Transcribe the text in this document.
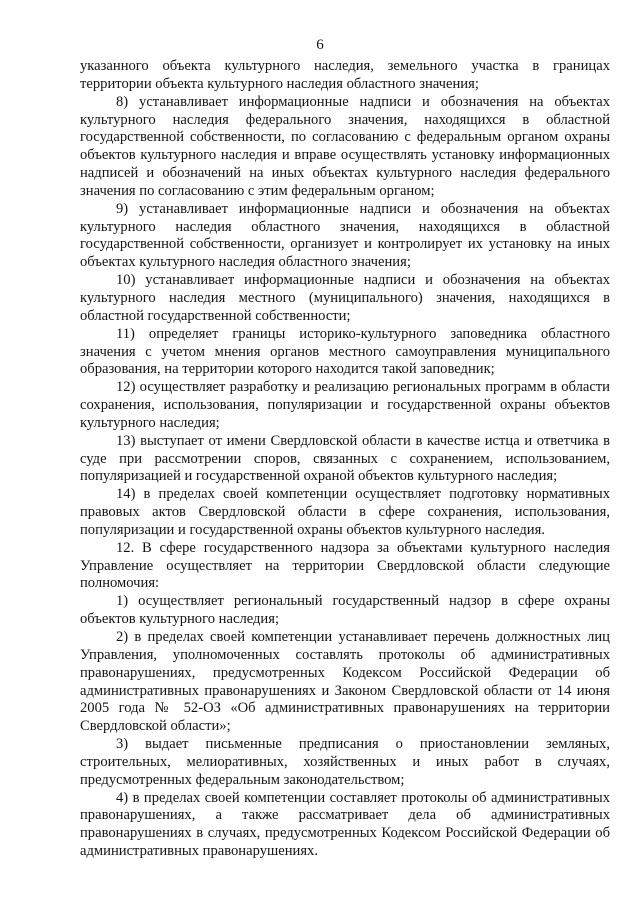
6

указанного объекта культурного наследия, земельного участка в границах территории объекта культурного наследия областного значения;

8) устанавливает информационные надписи и обозначения на объектах культурного наследия федерального значения, находящихся в областной государственной собственности, по согласованию с федеральным органом охраны объектов культурного наследия и вправе осуществлять установку информационных надписей и обозначений на иных объектах культурного наследия федерального значения по согласованию с этим федеральным органом;

9) устанавливает информационные надписи и обозначения на объектах культурного наследия областного значения, находящихся в областной государственной собственности, организует и контролирует их установку на иных объектах культурного наследия областного значения;

10) устанавливает информационные надписи и обозначения на объектах культурного наследия местного (муниципального) значения, находящихся в областной государственной собственности;

11) определяет границы историко-культурного заповедника областного значения с учетом мнения органов местного самоуправления муниципального образования, на территории которого находится такой заповедник;

12) осуществляет разработку и реализацию региональных программ в области сохранения, использования, популяризации и государственной охраны объектов культурного наследия;

13) выступает от имени Свердловской области в качестве истца и ответчика в суде при рассмотрении споров, связанных с сохранением, использованием, популяризацией и государственной охраной объектов культурного наследия;

14) в пределах своей компетенции осуществляет подготовку нормативных правовых актов Свердловской области в сфере сохранения, использования, популяризации и государственной охраны объектов культурного наследия.

12. В сфере государственного надзора за объектами культурного наследия Управление осуществляет на территории Свердловской области следующие полномочия:

1) осуществляет региональный государственный надзор в сфере охраны объектов культурного наследия;

2) в пределах своей компетенции устанавливает перечень должностных лиц Управления, уполномоченных составлять протоколы об административных правонарушениях, предусмотренных Кодексом Российской Федерации об административных правонарушениях и Законом Свердловской области от 14 июня 2005 года № 52-ОЗ «Об административных правонарушениях на территории Свердловской области»;

3) выдает письменные предписания о приостановлении земляных, строительных, мелиоративных, хозяйственных и иных работ в случаях, предусмотренных федеральным законодательством;

4) в пределах своей компетенции составляет протоколы об административных правонарушениях, а также рассматривает дела об административных правонарушениях в случаях, предусмотренных Кодексом Российской Федерации об административных правонарушениях.
